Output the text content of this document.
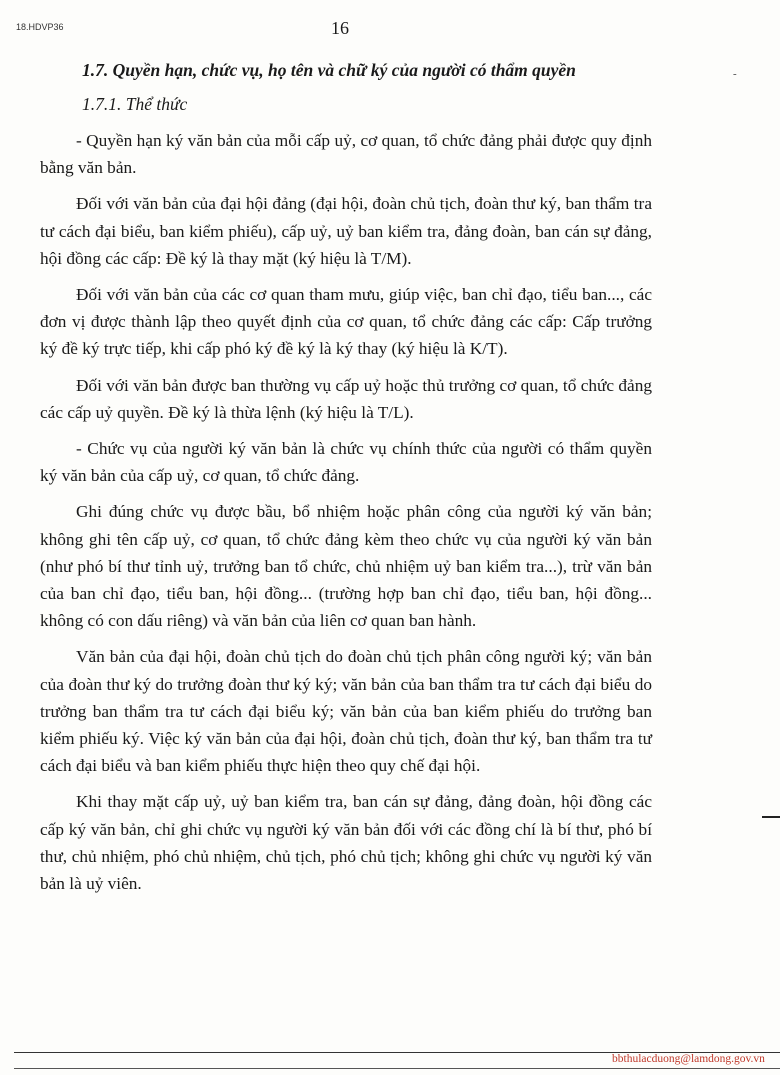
18.HDVP36	16
-
1.7. Quyền hạn, chức vụ, họ tên và chữ ký của người có thẩm quyền
1.7.1. Thể thức

- Quyền hạn ký văn bản của mỗi cấp uỷ, cơ quan, tổ chức đảng phải được quy định bằng văn bản.

Đối với văn bản của đại hội đảng (đại hội, đoàn chủ tịch, đoàn thư ký, ban thẩm tra tư cách đại biểu, ban kiểm phiếu), cấp uỷ, uỷ ban kiểm tra, đảng đoàn, ban cán sự đảng, hội đồng các cấp: Đề ký là thay mặt (ký hiệu là T/M).

Đối với văn bản của các cơ quan tham mưu, giúp việc, ban chỉ đạo, tiểu ban..., các đơn vị được thành lập theo quyết định của cơ quan, tổ chức đảng các cấp: Cấp trưởng ký đề ký trực tiếp, khi cấp phó ký đề ký là ký thay (ký hiệu là K/T).

Đối với văn bản được ban thường vụ cấp uỷ hoặc thủ trưởng cơ quan, tổ chức đảng các cấp uỷ quyền. Đề ký là thừa lệnh (ký hiệu là T/L).

- Chức vụ của người ký văn bản là chức vụ chính thức của người có thẩm quyền ký văn bản của cấp uỷ, cơ quan, tổ chức đảng.

Ghi đúng chức vụ được bầu, bổ nhiệm hoặc phân công của người ký văn bản; không ghi tên cấp uỷ, cơ quan, tổ chức đảng kèm theo chức vụ của người ký văn bản (như phó bí thư tỉnh uỷ, trưởng ban tổ chức, chủ nhiệm uỷ ban kiểm tra...), trừ văn bản của ban chỉ đạo, tiểu ban, hội đồng... (trường hợp ban chỉ đạo, tiểu ban, hội đồng... không có con dấu riêng) và văn bản của liên cơ quan ban hành.

Văn bản của đại hội, đoàn chủ tịch do đoàn chủ tịch phân công người ký; văn bản của đoàn thư ký do trưởng đoàn thư ký ký; văn bản của ban thẩm tra tư cách đại biểu do trưởng ban thẩm tra tư cách đại biểu ký; văn bản của ban kiểm phiếu do trưởng ban kiểm phiếu ký. Việc ký văn bản của đại hội, đoàn chủ tịch, đoàn thư ký, ban thẩm tra tư cách đại biểu và ban kiểm phiếu thực hiện theo quy chế đại hội.

Khi thay mặt cấp uỷ, uỷ ban kiểm tra, ban cán sự đảng, đảng đoàn, hội đồng các cấp ký văn bản, chỉ ghi chức vụ người ký văn bản đối với các đồng chí là bí thư, phó bí thư, chủ nhiệm, phó chủ nhiệm, chủ tịch, phó chủ tịch; không ghi chức vụ người ký văn bản là uỷ viên.

bbthulacduong@lamdong.gov.vn
